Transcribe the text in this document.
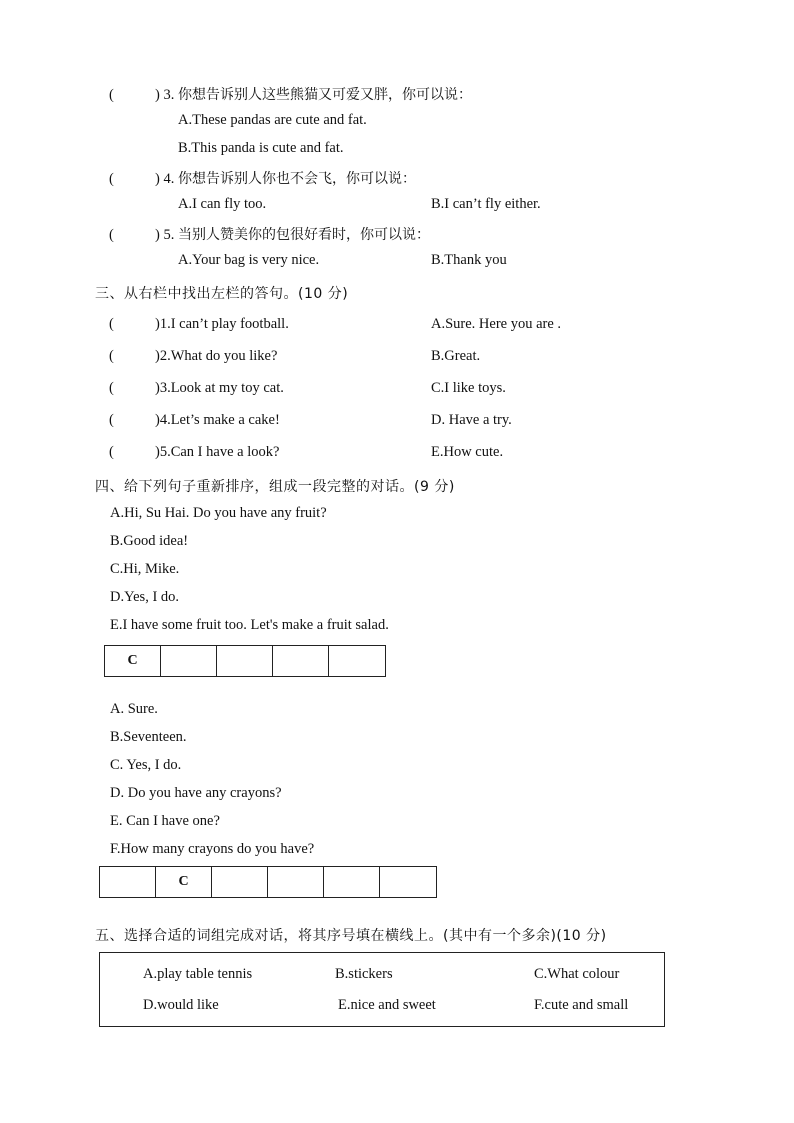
(	) 3. 你想告诉别人这些熊猫又可爱又胖，你可以说：
A.These pandas are cute and fat.
B.This panda is cute and fat.
(	) 4. 你想告诉别人你也不会飞，你可以说：
A.I can fly too.	B.I can’t fly either.
(	) 5. 当别人赞美你的包很好看时，你可以说：
A.Your bag is very nice.	B.Thank you
三、从右栏中找出左栏的答句。(10 分)
(	)1.I can’t play football.	A.Sure. Here you are .
(	)2.What do you like?	B.Great.
(	)3.Look at my toy cat.	C.I like toys.
(	)4.Let’s make a cake!	D. Have a try.
(	)5.Can I have a look?	E.How cute.
四、给下列句子重新排序，组成一段完整的对话。(9 分)
A.Hi, Su Hai. Do you have any fruit?
B.Good idea!
C.Hi, Mike.
D.Yes, I do.
E.I have some fruit too. Let's make a fruit salad.
C
A. Sure.
B.Seventeen.
C. Yes, I do.
D. Do you have any crayons?
E. Can I have one?
F.How many crayons do you have?
C
五、选择合适的词组完成对话，将其序号填在横线上。(其中有一个多余)(10 分)
A.play table tennis	B.stickers	C.What colour
D.would like	E.nice and sweet	F.cute and small
